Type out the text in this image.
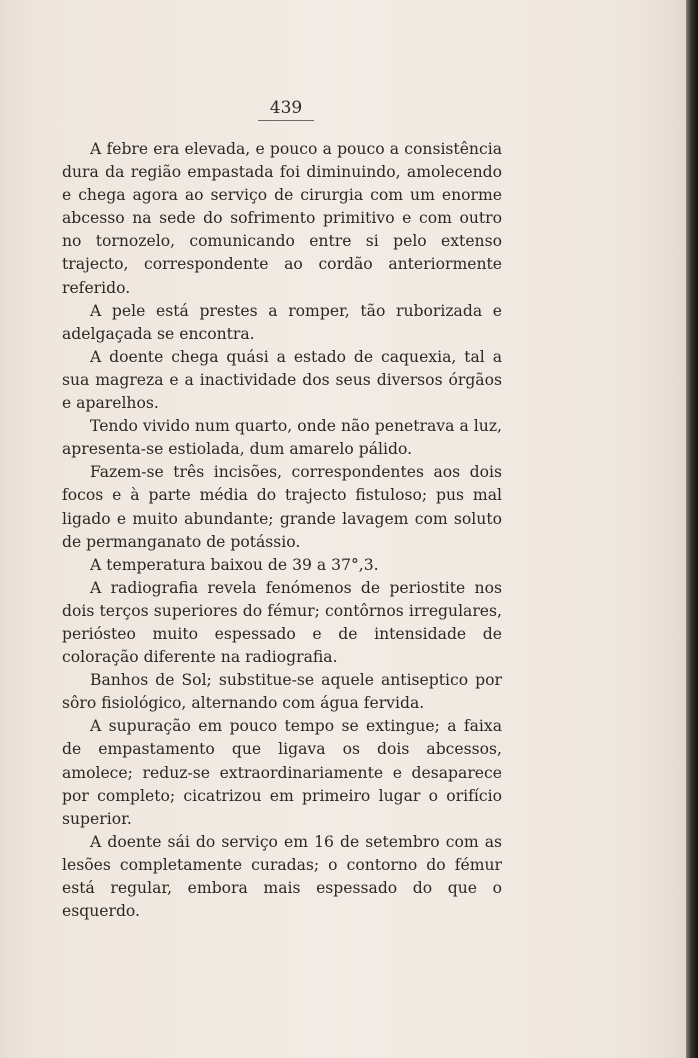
439

A febre era elevada, e pouco a pouco a consistência dura da região empastada foi diminuindo, amolecendo e chega agora ao serviço de cirurgia com um enorme abcesso na sede do sofrimento primitivo e com outro no tornozelo, comunicando entre si pelo extenso trajecto, correspondente ao cordão anteriormente referido.

A pele está prestes a romper, tão ruborizada e adelgaçada se encontra.

A doente chega quási a estado de caquexia, tal a sua magreza e a inactividade dos seus diversos órgãos e aparelhos.

Tendo vivido num quarto, onde não penetrava a luz, apresenta-se estiolada, dum amarelo pálido.

Fazem-se três incisões, correspondentes aos dois focos e à parte média do trajecto fistuloso; pus mal ligado e muito abundante; grande lavagem com soluto de permanganato de potássio.

A temperatura baixou de 39 a 37°,3.

A radiografia revela fenómenos de periostite nos dois terços superiores do fémur; contôrnos irregulares, periósteo muito espessado e de intensidade de coloração diferente na radiografia.

Banhos de Sol; substitue-se aquele antiseptico por sôro fisiológico, alternando com água fervida.

A supuração em pouco tempo se extingue; a faixa de empastamento que ligava os dois abcessos, amolece; reduz-se extraordinariamente e desaparece por completo; cicatrizou em primeiro lugar o orifício superior.

A doente sái do serviço em 16 de setembro com as lesões completamente curadas; o contorno do fémur está regular, embora mais espessado do que o esquerdo.
